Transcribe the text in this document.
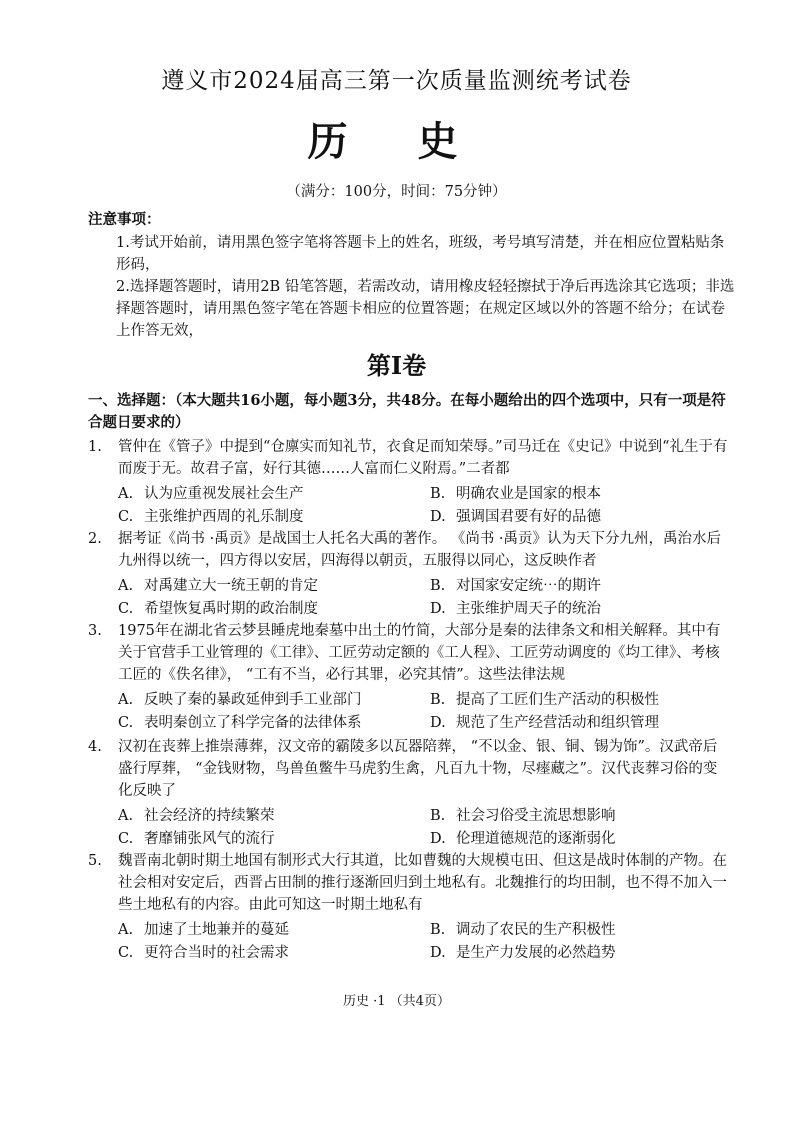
遵义市2024届高三第一次质量监测统考试卷
历 史
（满分：100分，时间：75分钟）
注意事项：
1.考试开始前，请用黑色签字笔将答题卡上的姓名，班级，考号填写清楚，并在相应位置粘贴条形码，
2.选择题答题时，请用2B 铅笔答题，若需改动，请用橡皮轻轻擦拭于净后再选涂其它选项；非选择题答题时，请用黑色签字笔在答题卡相应的位置答题；在规定区域以外的答题不给分；在试卷上作答无效，
第I卷
一、选择题：（本大题共16小题，每小题3分，共48分。在每小题给出的四个选项中，只有一项是符合题日要求的）
1. 管仲在《管子》中提到“仓廪实而知礼节，衣食足而知荣辱。”司马迁在《史记》中说到“礼生于有而废于无。故君子富，好行其德……人富而仁义附焉。”二者都
A. 认为应重视发展社会生产	B. 明确农业是国家的根本
C. 主张维护西周的礼乐制度	D. 强调国君要有好的品德
2. 据考证《尚书 ·禹贡》是战国士人托名大禹的著作。 《尚书 ·禹贡》认为天下分九州，禹治水后九州得以统一，四方得以安居，四海得以朝贡，五服得以同心，这反映作者
A. 对禹建立大一统王朝的肯定	B. 对国家安定统⋯的期许
C. 希望恢复禹时期的政治制度	D. 主张维护周天子的统治
3. 1975年在湖北省云梦县睡虎地秦墓中出土的竹简，大部分是秦的法律条文和相关解释。其中有关于官营手工业管理的《工律》、工匠劳动定额的《工人程》、工匠劳动调度的《均工律》、考核工匠的《佚名律》， “工有不当，必行其罪，必究其情”。这些法律法规
A. 反映了秦的暴政延伸到手工业部门	B. 提高了工匠们生产活动的积极性
C. 表明秦创立了科学完备的法律体系	D. 规范了生产经营活动和组织管理
4. 汉初在丧葬上推崇薄葬，汉文帝的霸陵多以瓦器陪葬， “不以金、银、铜、锡为饰”。汉武帝后盛行厚葬， “金钱财物，鸟兽鱼鳖牛马虎豹生禽，凡百九十物，尽瘗藏之”。汉代丧葬习俗的变化反映了
A. 社会经济的持续繁荣	B. 社会习俗受主流思想影响
C. 奢靡铺张风气的流行	D. 伦理道德规范的逐渐弱化
5. 魏晋南北朝时期土地国有制形式大行其道，比如曹魏的大规模屯田、但这是战时体制的产物。在社会相对安定后，西晋占田制的推行逐渐回归到土地私有。北魏推行的均田制，也不得不加入一些土地私有的内容。由此可知这一时期土地私有
A. 加速了土地兼并的蔓延	B. 调动了农民的生产积极性
C. 更符合当时的社会需求	D. 是生产力发展的必然趋势
历史 ·1 （共4页）
